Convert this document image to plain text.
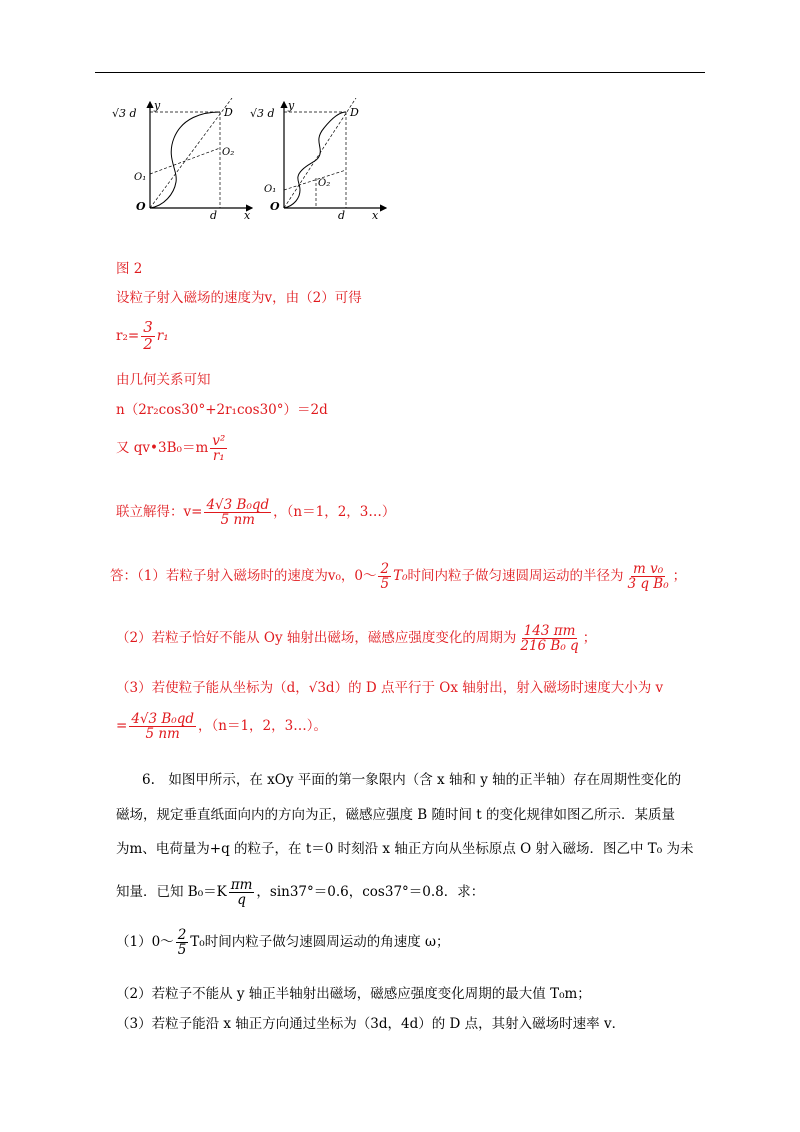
√3 d
y
D
O₂
O₁
O
d x
√3 d
y
D
O₂
O₁
O
d x
图 2
设粒子射入磁场的速度为v，由（2）可得
$r_2= \frac{3}{2} r_1$
由几何关系可知
n（2r₂cos30°+2r₁cos30°）＝2d
又 qv•3B₀＝m $\frac{\text{v²}}{\text{r₁}}$
联立解得：$v= \frac{\text{4√3 B₀qd}}{5 nm}$ ，（n＝1，2，3…）
答：（1）若粒子射入磁场时的速度为v₀，0～ $\frac{2}{5} T_0$时间内粒子做匀速圆周运动的半径为 $\frac{\text{m v₀}}{\text{3 q B₀}}$ ；
（2）若粒子恰好不能从 Oy 轴射出磁场，磁感应强度变化的周期为 $\frac{143 \pi m}{\text{216 B₀ q}}$ ；
（3）若使粒子能从坐标为（d，√3d）的 D 点平行于 Ox 轴射出，射入磁场时速度大小为 v
= $\frac{\text{4√3 B₀qd}}{5 nm}$ ，（n＝1，2，3…）。
6.　如图甲所示，在 xOy 平面的第一象限内（含 x 轴和 y 轴的正半轴）存在周期性变化的
磁场，规定垂直纸面向内的方向为正，磁感应强度 B 随时间 t 的变化规律如图乙所示．某质量
为m、电荷量为+q 的粒子，在 t＝0 时刻沿 x 轴正方向从坐标原点 O 射入磁场．图乙中 T₀ 为未
知量．已知 $B_0=K \frac{\pi m}{q}$ ，sin37°＝0.6，cos37°＝0.8．求：
（1）0～ $\frac{2}{5} T_0$时间内粒子做匀速圆周运动的角速度 ω；
（2）若粒子不能从 y 轴正半轴射出磁场，磁感应强度变化周期的最大值 T₀m；
（3）若粒子能沿 x 轴正方向通过坐标为（3d，4d）的 D 点，其射入磁场时速率 v．
